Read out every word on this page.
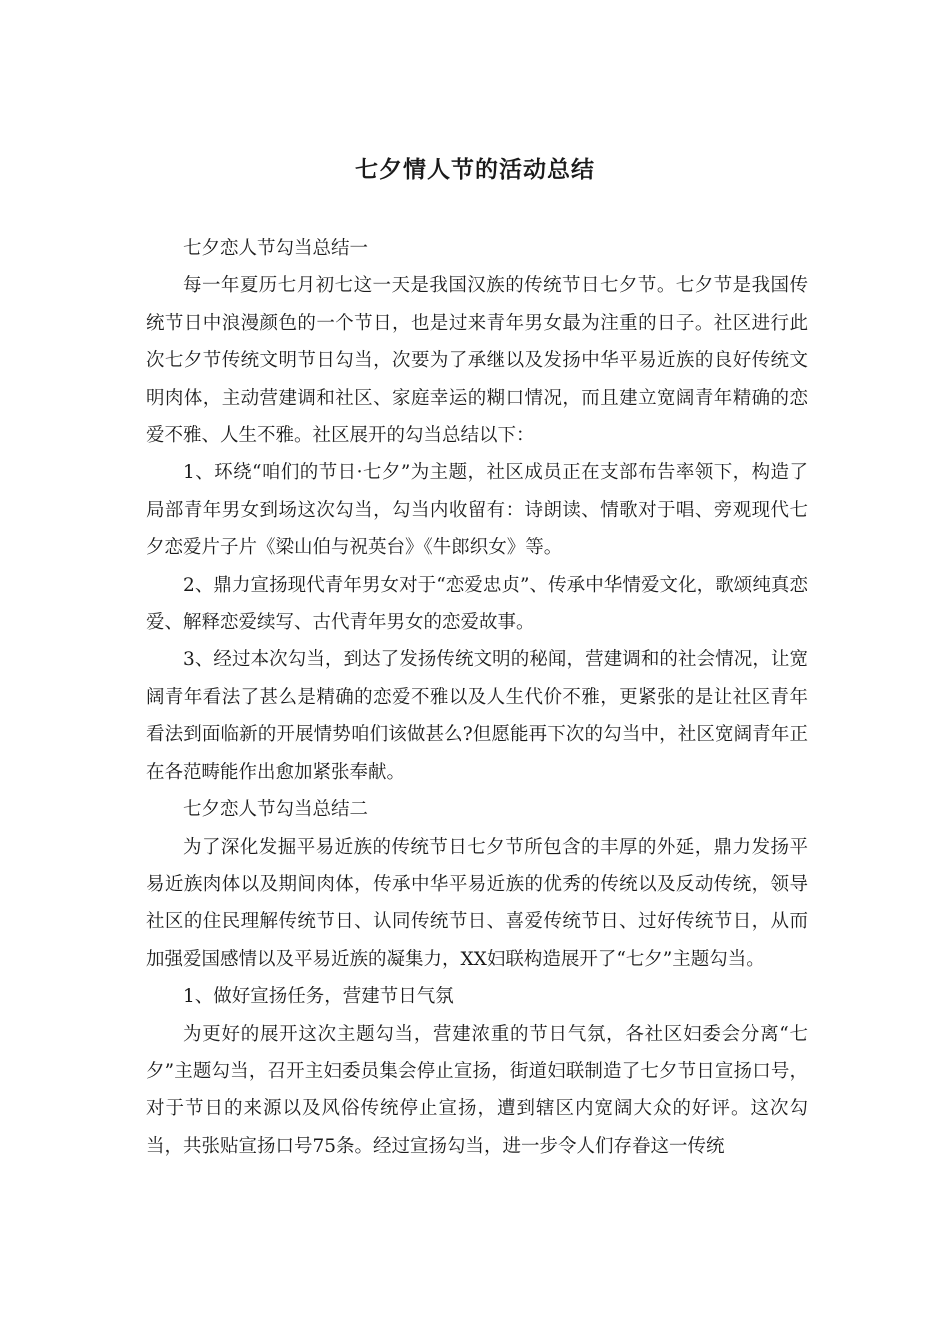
七夕情人节的活动总结

七夕恋人节勾当总结一

每一年夏历七月初七这一天是我国汉族的传统节日七夕节。七夕节是我国传统节日中浪漫颜色的一个节日，也是过来青年男女最为注重的日子。社区进行此次七夕节传统文明节日勾当，次要为了承继以及发扬中华平易近族的良好传统文明肉体，主动营建调和社区、家庭幸运的糊口情况，而且建立宽阔青年精确的恋爱不雅、人生不雅。社区展开的勾当总结以下：

1、环绕“咱们的节日·七夕”为主题，社区成员正在支部布告率领下，构造了局部青年男女到场这次勾当，勾当内收留有：诗朗读、情歌对于唱、旁观现代七夕恋爱片子片《梁山伯与祝英台》《牛郎织女》等。

2、鼎力宣扬现代青年男女对于“恋爱忠贞”、传承中华情爱文化，歌颂纯真恋爱、解释恋爱续写、古代青年男女的恋爱故事。

3、经过本次勾当，到达了发扬传统文明的秘闻，营建调和的社会情况，让宽阔青年看法了甚么是精确的恋爱不雅以及人生代价不雅，更紧张的是让社区青年看法到面临新的开展情势咱们该做甚么?但愿能再下次的勾当中，社区宽阔青年正在各范畴能作出愈加紧张奉献。

七夕恋人节勾当总结二

为了深化发掘平易近族的传统节日七夕节所包含的丰厚的外延，鼎力发扬平易近族肉体以及期间肉体，传承中华平易近族的优秀的传统以及反动传统，领导社区的住民理解传统节日、认同传统节日、喜爱传统节日、过好传统节日，从而加强爱国感情以及平易近族的凝集力，XX妇联构造展开了“七夕”主题勾当。

1、做好宣扬任务，营建节日气氛

为更好的展开这次主题勾当，营建浓重的节日气氛，各社区妇委会分离“七夕”主题勾当，召开主妇委员集会停止宣扬，街道妇联制造了七夕节日宣扬口号，对于节日的来源以及风俗传统停止宣扬，遭到辖区内宽阔大众的好评。这次勾当，共张贴宣扬口号75条。经过宣扬勾当，进一步令人们存眷这一传统
